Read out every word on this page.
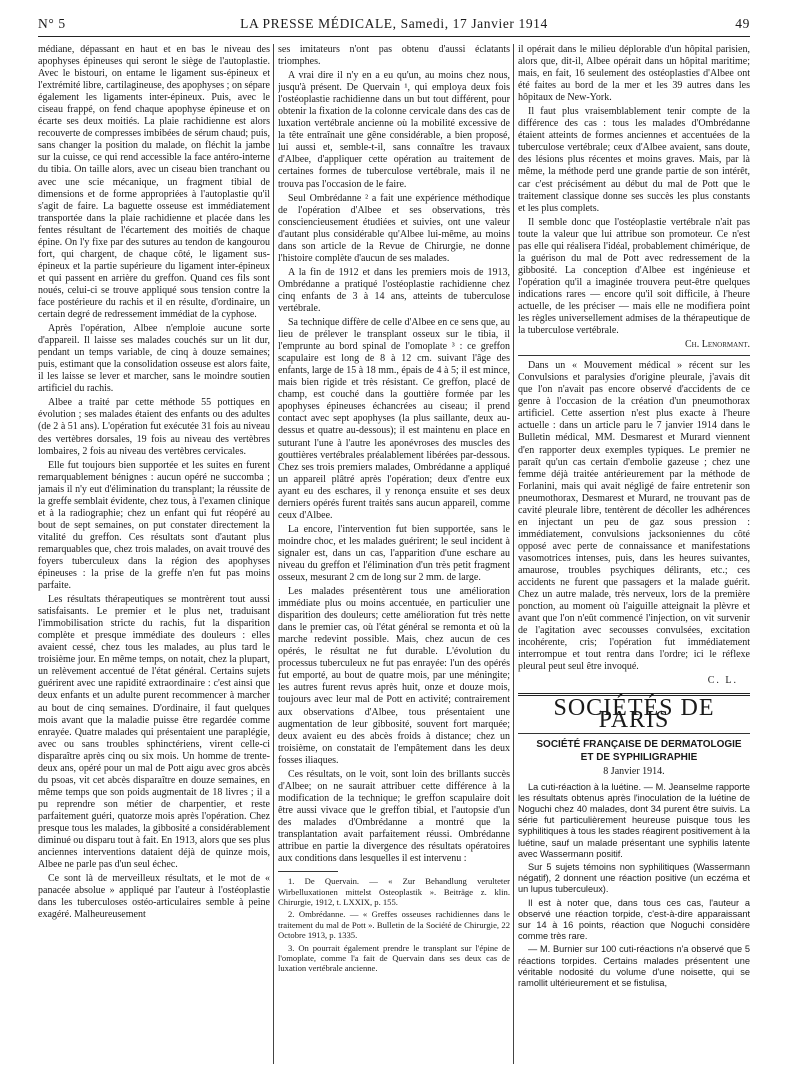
N° 5	LA PRESSE MÉDICALE, Samedi, 17 Janvier 1914	49

médiane, dépassant en haut et en bas le niveau des apophyses épineuses qui seront le siège de l'autoplastie. Avec le bistouri, on entame le ligament sus-épineux et l'extrémité libre, cartilagineuse, des apophyses ; on sépare également les ligaments inter-épineux. Puis, avec le ciseau frappé, on fend chaque apophyse épineuse et on écarte ses deux moitiés. La plaie rachidienne est alors recouverte de compresses imbibées de sérum chaud; puis, sans changer la position du malade, on fléchit la jambe sur la cuisse, ce qui rend accessible la face antéro-interne du tibia. On taille alors, avec un ciseau bien tranchant ou avec une scie mécanique, un fragment tibial de dimensions et de forme appropriées à l'autoplastie qu'il s'agit de faire. La baguette osseuse est immédiatement transportée dans la plaie rachidienne et placée dans les fentes résultant de l'écartement des moitiés de chaque épine. On l'y fixe par des sutures au tendon de kangourou fort, qui chargent, de chaque côté, le ligament sus-épineux et la partie supérieure du ligament inter-épineux et qui passent en arrière du greffon. Quand ces fils sont noués, celui-ci se trouve appliqué sous tension contre la face postérieure du rachis et il en résulte, d'ordinaire, un certain degré de redressement immédiat de la cyphose.

Après l'opération, Albee n'emploie aucune sorte d'appareil. Il laisse ses malades couchés sur un lit dur, pendant un temps variable, de cinq à douze semaines; puis, estimant que la consolidation osseuse est alors faite, il les laisse se lever et marcher, sans le moindre soutien artificiel du rachis.

Albee a traité par cette méthode 55 pottiques en évolution ; ses malades étaient des enfants ou des adultes (de 2 à 51 ans). L'opération fut exécutée 31 fois au niveau des vertèbres dorsales, 19 fois au niveau des vertèbres lombaires, 2 fois au niveau des vertèbres cervicales.

Elle fut toujours bien supportée et les suites en furent remarquablement bénignes : aucun opéré ne succomba ; jamais il n'y eut d'élimination du transplant; la réussite de la greffe semblait évidente, chez tous, à l'examen clinique et à la radiographie; chez un enfant qui fut réopéré au bout de sept semaines, on put constater directement la vitalité du greffon. Ces résultats sont d'autant plus remarquables que, chez trois malades, on avait trouvé des foyers tuberculeux dans la région des apophyses épineuses : la prise de la greffe n'en fut pas moins parfaite.

Les résultats thérapeutiques se montrèrent tout aussi satisfaisants. Le premier et le plus net, traduisant l'immobilisation stricte du rachis, fut la disparition complète et presque immédiate des douleurs : elles avaient cessé, chez tous les malades, au plus tard le troisième jour. En même temps, on notait, chez la plupart, un relèvement accentué de l'état général. Certains sujets guérirent avec une rapidité extraordinaire : c'est ainsi que deux enfants et un adulte purent recommencer à marcher au bout de cinq semaines. D'ordinaire, il faut quelques mois avant que la maladie puisse être regardée comme enrayée. Quatre malades qui présentaient une paraplégie, avec ou sans troubles sphinctériens, virent celle-ci disparaître après cinq ou six mois. Un homme de trente-deux ans, opéré pour un mal de Pott aigu avec gros abcès du psoas, vit cet abcès disparaître en douze semaines, en même temps que son poids augmentait de 18 livres ; il a pu reprendre son métier de charpentier, et reste parfaitement guéri, quatorze mois après l'opération. Chez presque tous les malades, la gibbosité a considérablement diminué ou disparu tout à fait. En 1913, alors que ses plus anciennes interventions dataient déjà de quinze mois, Albee ne parle pas d'un seul échec.

Ce sont là de merveilleux résultats, et le mot de « panacée absolue » appliqué par l'auteur à l'ostéoplastie dans les tuberculoses ostéo-articulaires semble à peine exagéré. Malheureusement

ses imitateurs n'ont pas obtenu d'aussi éclatants triomphes.

A vrai dire il n'y en a eu qu'un, au moins chez nous, jusqu'à présent. De Quervain ¹, qui employa deux fois l'ostéoplastie rachidienne dans un but tout différent, pour obtenir la fixation de la colonne cervicale dans des cas de luxation vertébrale ancienne où la mobilité excessive de la tête entraînait une gêne considérable, a bien proposé, lui aussi et, semble-t-il, sans connaître les travaux d'Albee, d'appliquer cette opération au traitement de certaines formes de tuberculose vertébrale, mais il ne trouva pas l'occasion de le faire.

Seul Ombrédanne ² a fait une expérience méthodique de l'opération d'Albee et ses observations, très consciencieusement étudiées et suivies, ont une valeur d'autant plus considérable qu'Albee lui-même, au moins dans son article de la Revue de Chirurgie, ne donne l'histoire complète d'aucun de ses malades.

A la fin de 1912 et dans les premiers mois de 1913, Ombrédanne a pratiqué l'ostéoplastie rachidienne chez cinq enfants de 3 à 14 ans, atteints de tuberculose vertébrale.

Sa technique diffère de celle d'Albee en ce sens que, au lieu de prélever le transplant osseux sur le tibia, il l'emprunte au bord spinal de l'omoplate ³ : ce greffon scapulaire est long de 8 à 12 cm. suivant l'âge des enfants, large de 15 à 18 mm., épais de 4 à 5; il est mince, mais bien rigide et très résistant. Ce greffon, placé de champ, est couché dans la gouttière formée par les apophyses épineuses échancrées au ciseau; il prend contact avec sept apophyses (la plus saillante, deux au-dessus et quatre au-dessous); il est maintenu en place en suturant l'une à l'autre les aponévroses des muscles des gouttières vertébrales préalablement libérées par-dessous. Chez ses trois premiers malades, Ombrédanne a appliqué un appareil plâtré après l'opération; deux d'entre eux ayant eu des eschares, il y renonça ensuite et ses deux derniers opérés furent traités sans aucun appareil, comme ceux d'Albee.

La encore, l'intervention fut bien supportée, sans le moindre choc, et les malades guérirent; le seul incident à signaler est, dans un cas, l'apparition d'une eschare au niveau du greffon et l'élimination d'un très petit fragment osseux, mesurant 2 cm de long sur 2 mm. de large.

Les malades présentèrent tous une amélioration immédiate plus ou moins accentuée, en particulier une disparition des douleurs; cette amélioration fut très nette dans le premier cas, où l'état général se remonta et où la marche redevint possible. Mais, chez aucun de ces opérés, le résultat ne fut durable. L'évolution du processus tuberculeux ne fut pas enrayée: l'un des opérés fut emporté, au bout de quatre mois, par une méningite; les autres furent revus après huit, onze et douze mois, toujours avec leur mal de Pott en activité; contrairement aux observations d'Albee, tous présentaient une augmentation de leur gibbosité, souvent fort marquée; deux avaient eu des abcès froids à distance; chez un troisième, on constatait de l'empâtement dans les deux fosses iliaques.

Ces résultats, on le voit, sont loin des brillants succès d'Albee; on ne saurait attribuer cette différence à la modification de la technique; le greffon scapulaire doit être aussi vivace que le greffon tibial, et l'autopsie d'un des malades d'Ombrédanne a montré que la transplantation avait parfaitement réussi. Ombrédanne attribue en partie la divergence des résultats opératoires aux conditions dans lesquelles il est intervenu :

1. De Quervain. — « Zur Behandlung verulteter Wirbelluxationen mittelst Osteoplastik ». Beiträge z. klin. Chirurgie, 1912, t. LXXIX, p. 155.

2. Ombrédanne. — « Greffes osseuses rachidiennes dans le traitement du mal de Pott ». Bulletin de la Société de Chirurgie, 22 Octobre 1913, p. 1335.

3. On pourrait également prendre le transplant sur l'épine de l'omoplate, comme l'a fait de Quervain dans ses deux cas de luxation vertébrale ancienne.

il opérait dans le milieu déplorable d'un hôpital parisien, alors que, dit-il, Albee opérait dans un hôpital maritime; mais, en fait, 16 seulement des ostéoplasties d'Albee ont été faites au bord de la mer et les 39 autres dans les hôpitaux de New-York.

Il faut plus vraisemblablement tenir compte de la différence des cas : tous les malades d'Ombrédanne étaient atteints de formes anciennes et accentuées de la tuberculose vertébrale; ceux d'Albee avaient, sans doute, des lésions plus récentes et moins graves. Mais, par là même, la méthode perd une grande partie de son intérêt, car c'est précisément au début du mal de Pott que le traitement classique donne ses succès les plus constants et les plus complets.

Il semble donc que l'ostéoplastie vertébrale n'ait pas toute la valeur que lui attribue son promoteur. Ce n'est pas elle qui réalisera l'idéal, probablement chimérique, de la guérison du mal de Pott avec redressement de la gibbosité. La conception d'Albee est ingénieuse et l'opération qu'il a imaginée trouvera peut-être quelques indications rares — encore qu'il soit difficile, à l'heure actuelle, de les préciser — mais elle ne modifiera point les règles universellement admises de la thérapeutique de la tuberculose vertébrale.

Ch. Lenormant.

Dans un « Mouvement médical » récent sur les Convulsions et paralysies d'origine pleurale, j'avais dit que l'on n'avait pas encore observé d'accidents de ce genre à l'occasion de la création d'un pneumothorax artificiel. Cette assertion n'est plus exacte à l'heure actuelle : dans un article paru le 7 janvier 1914 dans le Bulletin médical, MM. Desmarest et Murard viennent d'en rapporter deux exemples typiques. Le premier ne paraît qu'un cas certain d'embolie gazeuse ; chez une femme déjà traitée antérieurement par la méthode de Forlanini, mais qui avait négligé de faire entretenir son pneumothorax, Desmarest et Murard, ne trouvant pas de cavité pleurale libre, tentèrent de décoller les adhérences en injectant un peu de gaz sous pression : immédiatement, convulsions jacksoniennes du côté opposé avec perte de connaissance et manifestations vasomotrices intenses, puis, dans les heures suivantes, amaurose, troubles psychiques délirants, etc.; ces accidents ne furent que passagers et la malade guérit. Chez un autre malade, très nerveux, lors de la première ponction, au moment où l'aiguille atteignait la plèvre et avant que l'on n'eût commencé l'injection, on vit survenir de l'agitation avec secousses convulsées, excitation incohérente, cris; l'opération fut immédiatement interrompue et tout rentra dans l'ordre; ici le réflexe pleural peut seul être invoqué.

C. L.
SOCIÉTÉS DE PARIS

SOCIÉTÉ FRANÇAISE DE DERMATOLOGIE

ET DE SYPHILIGRAPHIE

8 Janvier 1914.

La cuti-réaction à la luétine. — M. Jeanselme rapporte les résultats obtenus après l'inoculation de la luétine de Noguchi chez 40 malades, dont 34 purent être suivis. La série fut particulièrement heureuse puisque tous les syphilitiques à tous les stades réagirent positivement à la luétine, sauf un malade présentant une syphilis latente avec Wassermann positif.

Sur 5 sujets témoins non syphilitiques (Wassermann négatif), 2 donnent une réaction positive (un eczéma et un lupus tuberculeux).

Il est à noter que, dans tous ces cas, l'auteur a observé une réaction torpide, c'est-à-dire apparaissant sur 14 à 16 points, réaction que Noguchi considère comme très rare.

— M. Burnier sur 100 cuti-réactions n'a observé que 5 réactions torpides. Certains malades présentent une véritable nodosité du volume d'une noisette, qui se ramollit ultérieurement et se fistulisa,
